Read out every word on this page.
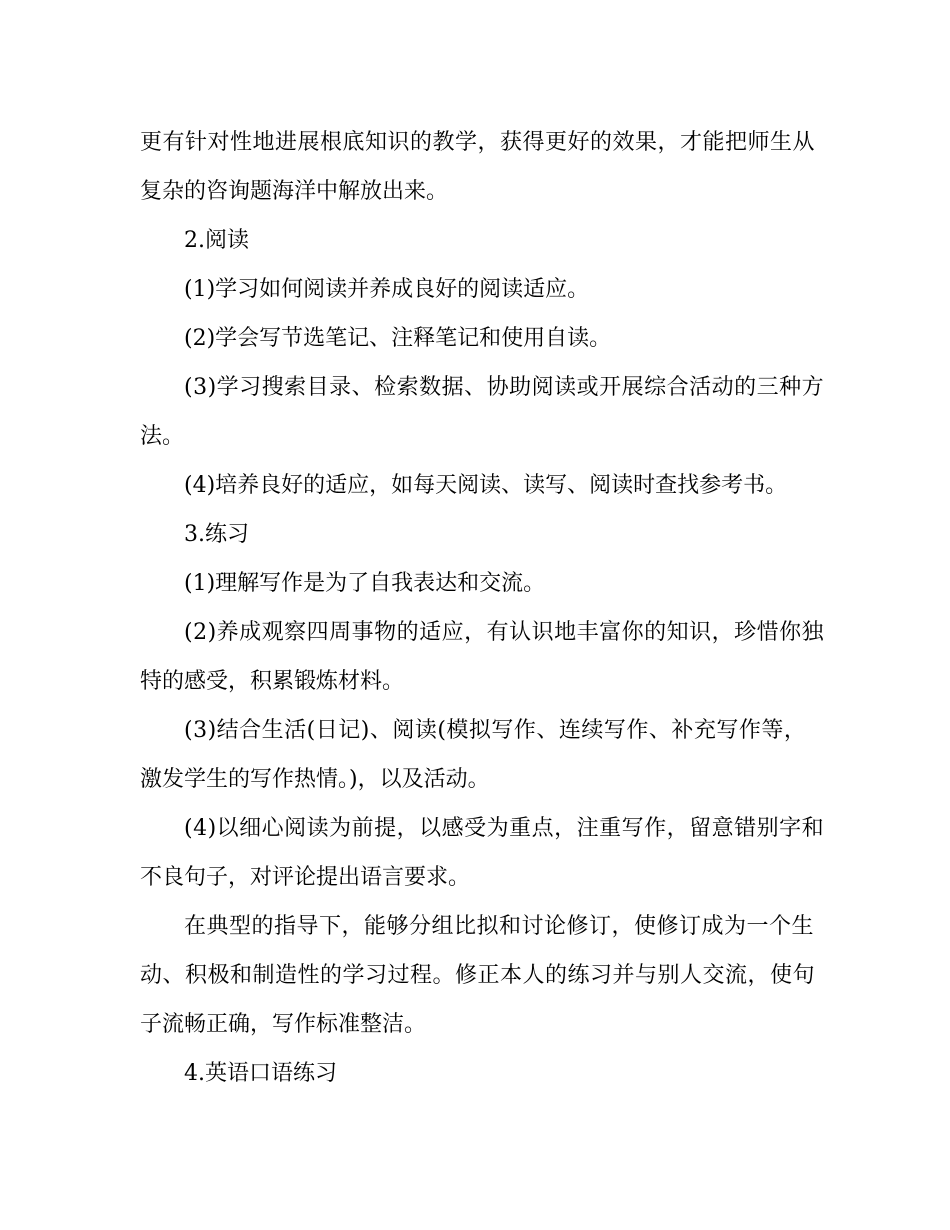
更有针对性地进展根底知识的教学，获得更好的效果，才能把师生从
复杂的咨询题海洋中解放出来。
2.阅读
(1)学习如何阅读并养成良好的阅读适应。
(2)学会写节选笔记、注释笔记和使用自读。
(3)学习搜索目录、检索数据、协助阅读或开展综合活动的三种方
法。
(4)培养良好的适应，如每天阅读、读写、阅读时查找参考书。
3.练习
(1)理解写作是为了自我表达和交流。
(2)养成观察四周事物的适应，有认识地丰富你的知识，珍惜你独
特的感受，积累锻炼材料。
(3)结合生活(日记)、阅读(模拟写作、连续写作、补充写作等，
激发学生的写作热情。)，以及活动。
(4)以细心阅读为前提，以感受为重点，注重写作，留意错别字和
不良句子，对评论提出语言要求。
在典型的指导下，能够分组比拟和讨论修订，使修订成为一个生
动、积极和制造性的学习过程。修正本人的练习并与别人交流，使句
子流畅正确，写作标准整洁。
4.英语口语练习
